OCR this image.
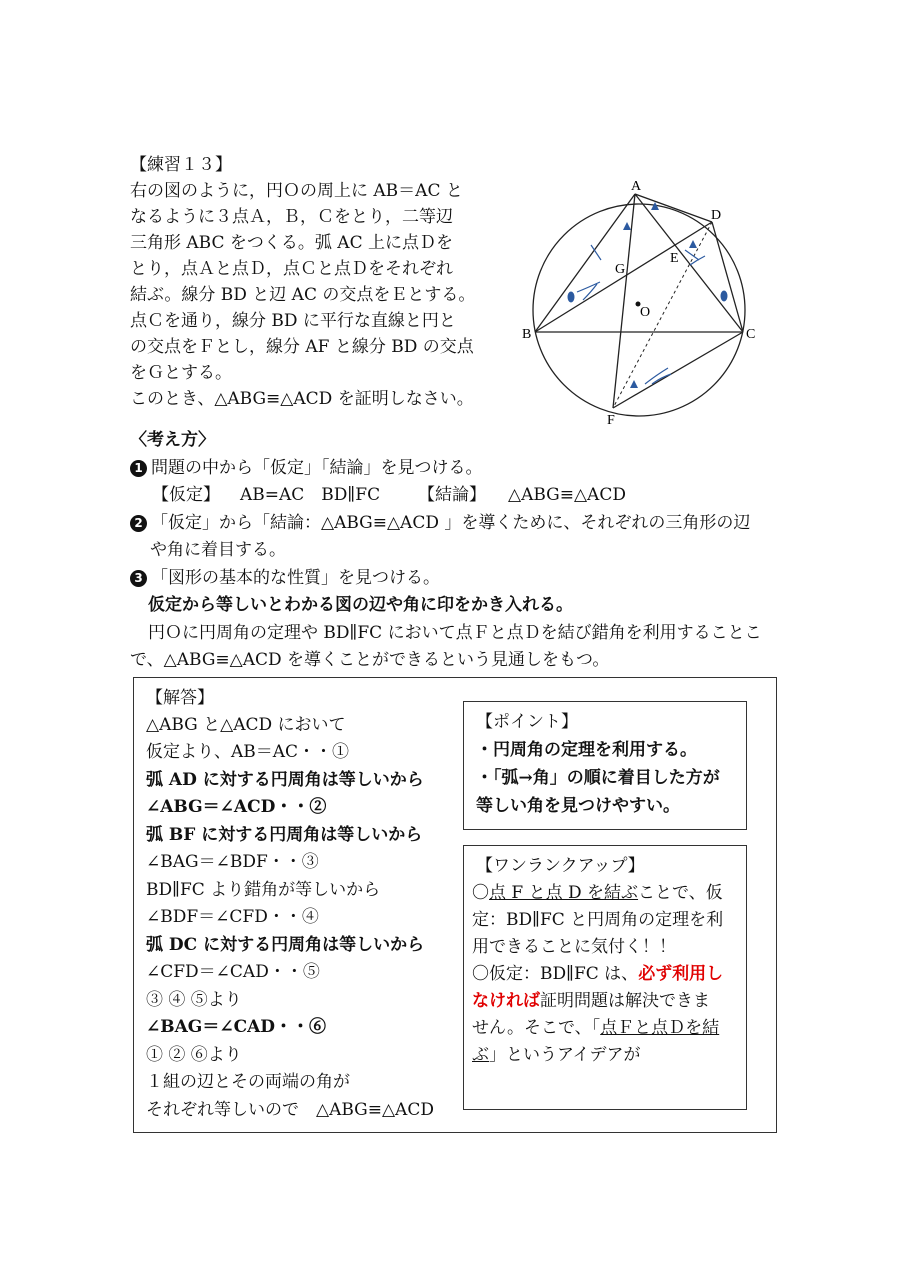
【練習１３】
右の図のように，円Ｏの周上に AB＝AC と
なるように３点Ａ，Ｂ，Ｃをとり，二等辺
三角形 ABC をつくる。弧 AC 上に点Ｄを
とり，点Ａと点Ｄ，点Ｃと点Ｄをそれぞれ
結ぶ。線分 BD と辺 AC の交点をＥとする。
点Ｃを通り，線分 BD に平行な直線と円と
の交点をＦとし，線分 AF と線分 BD の交点
をＧとする。
このとき、△ABG≡△ACD を証明しなさい。
A
B	C
D
E
F
G
O
〈考え方〉
1 問題の中から「仮定」「結論」を見つける。
【仮定】 AB=AC　BD∥FC 【結論】 △ABG≡△ACD
2 「仮定」から「結論：△ABG≡△ACD 」を導くために、それぞれの三角形の辺
や角に着目する。
3 「図形の基本的な性質」を見つける。
仮定から等しいとわかる図の辺や角に印をかき入れる。
円Ｏに円周角の定理や BD∥FC において点Ｆと点Ｄを結び錯角を利用することこ
で、△ABG≡△ACD を導くことができるという見通しをもつ。
【解答】
△ABG と△ACD において
仮定より、AB＝AC・・①
弧 AD に対する円周角は等しいから
∠ABG＝∠ACD・・②
弧 BF に対する円周角は等しいから
∠BAG＝∠BDF・・③
BD∥FC より錯角が等しいから
∠BDF＝∠CFD・・④
弧 DC に対する円周角は等しいから
∠CFD＝∠CAD・・⑤
③ ④ ⑤より
∠BAG＝∠CAD・・⑥
① ② ⑥より
１組の辺とその両端の角が
それぞれ等しいので　△ABG≡△ACD
【ポイント】
・円周角の定理を利用する。
・「弧→角」の順に着目した方が
等しい角を見つけやすい。
【ワンランクアップ】
〇点 F と点 D を結ぶことで、仮
定：BD∥FC と円周角の定理を利
用できることに気付く！！
〇仮定：BD∥FC は、必ず利用し
なければ証明問題は解決できま
せん。そこで、「点Ｆと点Ｄを結
ぶ」というアイデアが
